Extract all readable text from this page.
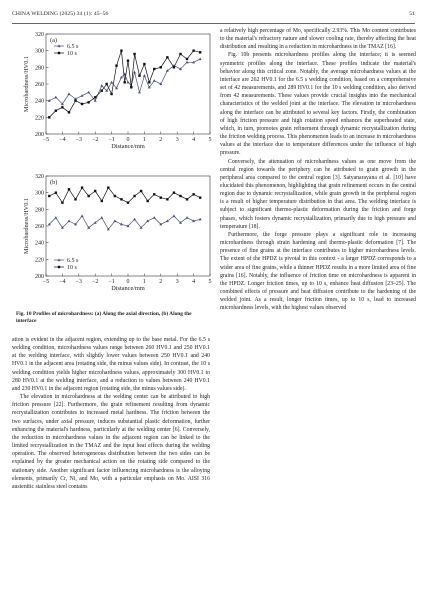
CHINA WELDING (2025) 34 (1): 45–56	51
200
220
240
260
280
300
320
−5 −4 −3 −2 −1 0 1 2 3 4 5
Distance/mm
Microhardness/HV0.1
(a)
6.5 s
10 s
200
220
240
260
280
300
320
−5 −4 −3 −2 −1 0 1 2 3 4 5
Distance/mm
Microhardness/HV0.1
(b)
6.5 s
10 s
Fig. 10 Profiles of microhardness: (a) Along the axial direction, (b) Along the interface

ation is evident in the adjacent region, extending up to the base metal. For the 6.5 s welding condition, microhardness values range between 260 HV0.1 and 250 HV0.1 at the welding interface, with slightly lower values between 250 HV0.1 and 240 HV0.1 in the adjacent area (rotating side, the minus values side). In contrast, the 10 s welding condition yields higher microhardness values, approximately 300 HV0.1 to 280 HV0.1 at the welding interface, and a reduction to values between 240 HV0.1 and 230 HV0.1 in the adjacent region (rotating side, the minus values side).

The elevation in microhardness at the welding center can be attributed to high friction pressure [22]. Furthermore, the grain refinement resulting from dynamic recrystallization contributes to increased metal hardness. The friction between the two surfaces, under axial pressure, induces substantial plastic deformation, further enhancing the material's hardness, particularly at the welding center [6]. Conversely, the reduction in microhardness values in the adjacent region can be linked to the limited recrystallization in the TMAZ and the input heat effects during the welding operation. The observed heterogeneous distribution between the two sides can be explained by the greater mechanical action on the rotating side compared to the stationary side. Another significant factor influencing microhardness is the alloying elements, primarily Cr, Ni, and Mo, with a particular emphasis on Mo. AISI 316 austenitic stainless steel contains

a relatively high percentage of Mo, specifically 2.93%. This Mo content contributes to the material's refractory nature and slower cooling rate, thereby affecting the heat distribution and resulting in a reduction in microhardness in the TMAZ [16].

Fig. 10b presents microhardness profiles along the interface; it is seemed symmetric profiles along the interface. These profiles indicate the material's behavior along this critical zone. Notably, the average microhardness values at the interface are 262 HV0.1 for the 6.5 s welding condition, based on a comprehensive set of 42 measurements, and 289 HV0.1 for the 10 s welding condition, also derived from 42 measurements. These values provide crucial insights into the mechanical characteristics of the welded joint at the interface. The elevation in microhardness along the interface can be attributed to several key factors. Firstly, the combination of high friction pressure and high rotation speed enhances the superheated state, which, in turn, promotes grain refinement through dynamic recrystallization during the friction welding process. This phenomenon leads to an increase in microhardness values at the interface due to temperature differences under the influence of high pressure.

Conversely, the attenuation of microhardness values as one move from the central region towards the periphery can be attributed to grain growth in the peripheral area compared to the central region [3]. Satyanarayana et al. [10] have elucidated this phenomenon, highlighting that grain refinement occurs in the central region due to dynamic recrystallization, while grain growth in the peripheral region is a result of higher temperature distribution in that area. The welding interface is subject to significant thermo-plastic deformation during the friction and forge phases, which fosters dynamic recrystallization, primarily due to high pressure and temperature [18].

Furthermore, the forge pressure plays a significant role in increasing microhardness through strain hardening and thermo-plastic deformation [7]. The presence of fine grains at the interface contributes to higher microhardness levels. The extent of the HPDZ is pivotal in this context - a larger HPDZ corresponds to a wider area of fine grains, while a thinner HPDZ results in a more limited area of fine grains [16]. Notably, the influence of friction time on microhardness is apparent in the HPDZ. Longer friction times, up to 10 s, enhance heat diffusion [23–25]. The combined effects of pressure and heat diffusion contribute to the hardening of the welded joint. As a result, longer friction times, up to 10 s, lead to increased microhardness levels, with the highest values observed
